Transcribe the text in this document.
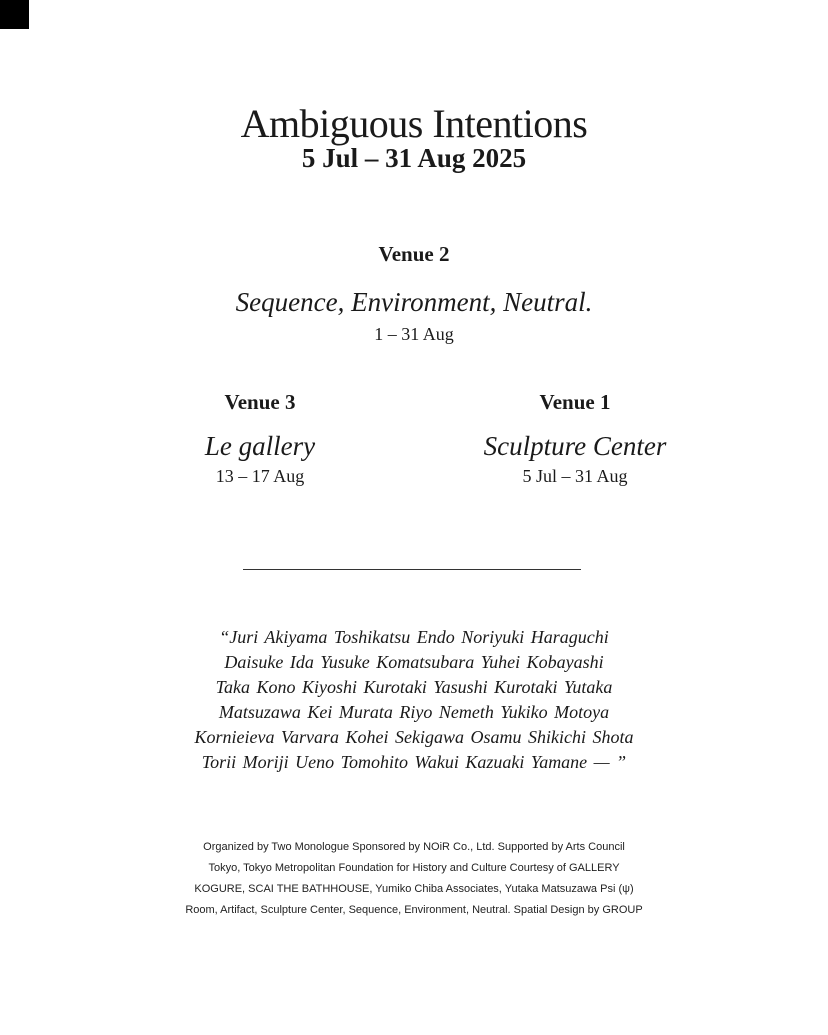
Ambiguous Intentions
5 Jul – 31 Aug 2025
Venue 2
Sequence, Environment, Neutral.
1 – 31 Aug
Venue 3
Le gallery
13 – 17 Aug
Venue 1
Sculpture Center
5 Jul – 31 Aug
“Juri Akiyama Toshikatsu Endo Noriyuki Haraguchi
Daisuke Ida Yusuke Komatsubara Yuhei Kobayashi
Taka Kono Kiyoshi Kurotaki Yasushi Kurotaki Yutaka
Matsuzawa Kei Murata Riyo Nemeth Yukiko Motoya
Kornieieva Varvara Kohei Sekigawa Osamu Shikichi Shota
Torii Moriji Ueno Tomohito Wakui Kazuaki Yamane — ”
Organized by Two Monologue Sponsored by NOiR Co., Ltd. Supported by Arts Council
Tokyo, Tokyo Metropolitan Foundation for History and Culture Courtesy of GALLERY
KOGURE, SCAI THE BATHHOUSE, Yumiko Chiba Associates, Yutaka Matsuzawa Psi (ψ)
Room, Artifact, Sculpture Center, Sequence, Environment, Neutral. Spatial Design by GROUP
